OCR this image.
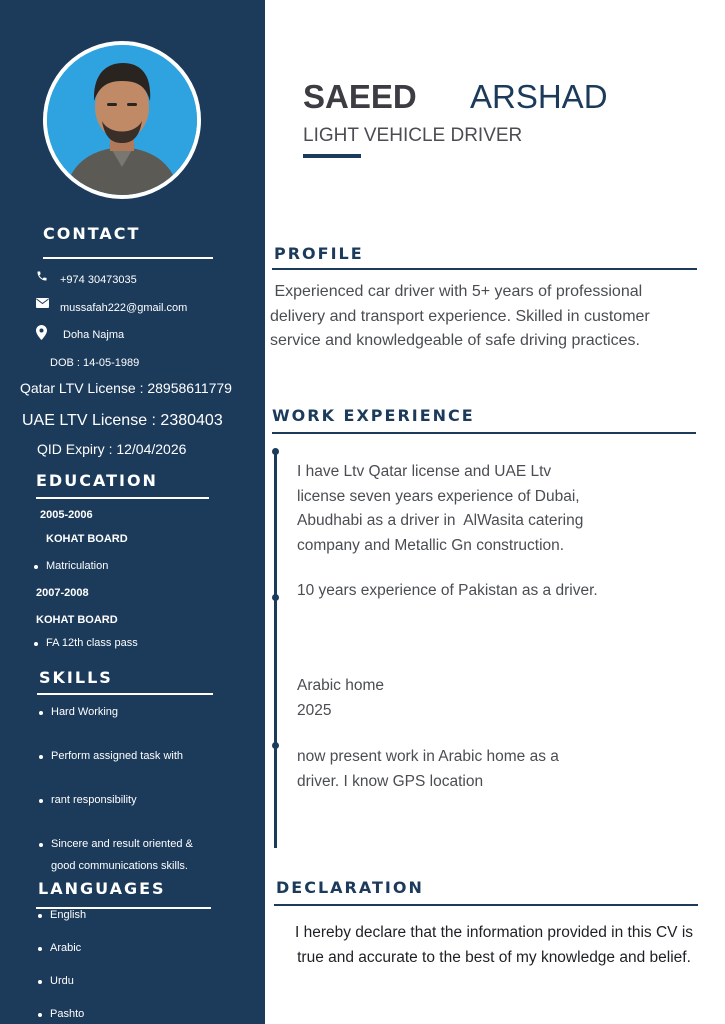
CONTACT
+974 30473035
mussafah222@gmail.com
Doha Najma
DOB : 14-05-1989
Qatar LTV License : 28958611779
UAE LTV License : 2380403
QID Expiry : 12/04/2026
EDUCATION
2005-2006
KOHAT BOARD
Matriculation
2007-2008
KOHAT BOARD
FA 12th class pass
SKILLS
Hard Working
Perform assigned task with
rant responsibility
Sincere and result oriented &
good communications skills.
LANGUAGES
English
Arabic
Urdu
Pashto
SAEED ARSHAD
LIGHT VEHICLE DRIVER
PROFILE
Experienced car driver with 5+ years of professional
delivery and transport experience. Skilled in customer
service and knowledgeable of safe driving practices.
WORK EXPERIENCE
I have Ltv Qatar license and UAE Ltv
license seven years experience of Dubai,
Abudhabi as a driver in  AlWasita catering
company and Metallic Gn construction.
10 years experience of Pakistan as a driver.
Arabic home
2025
now present work in Arabic home as a
driver. I know GPS location
DECLARATION
I hereby declare that the information provided in this CV is
true and accurate to the best of my knowledge and belief.
